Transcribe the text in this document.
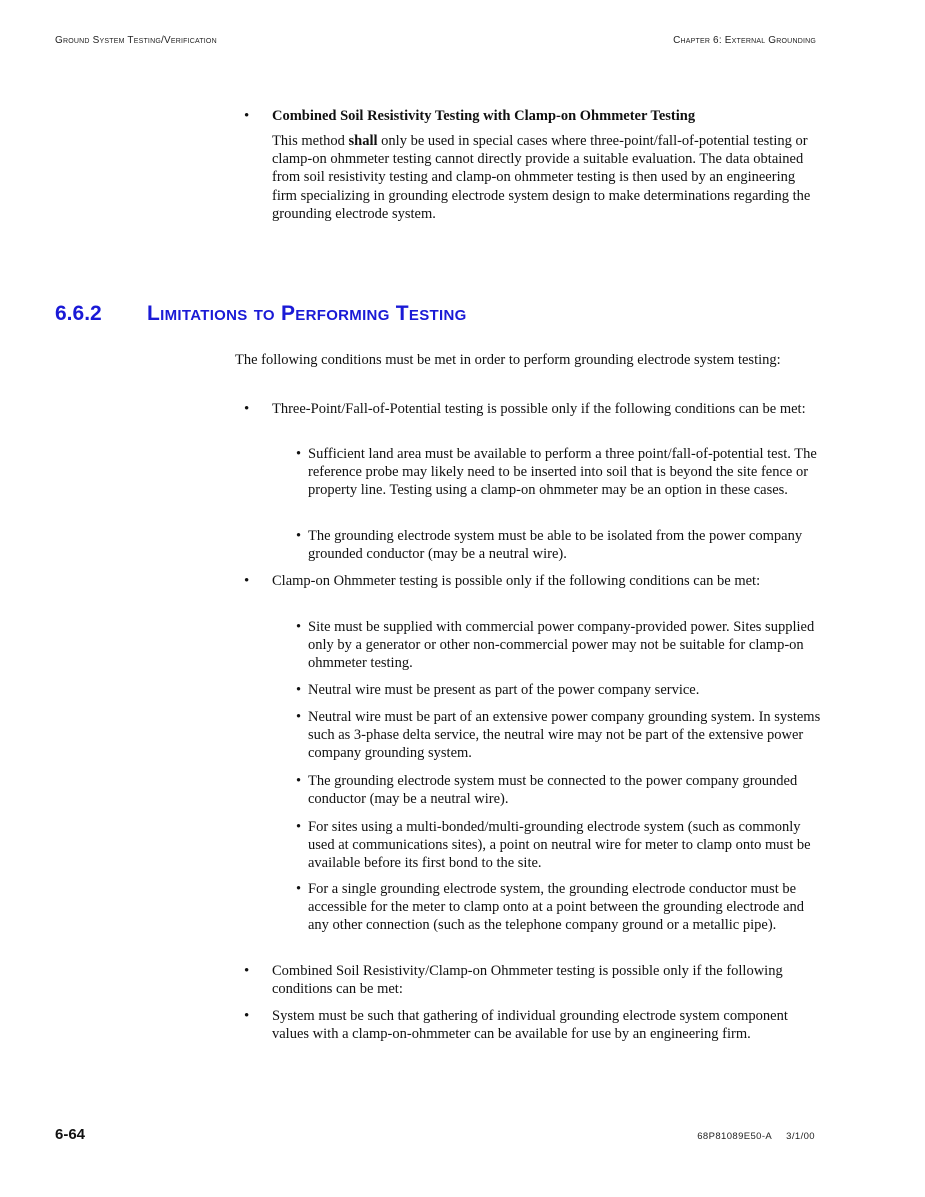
Ground System Testing/Verification	Chapter 6: External Grounding
• Combined Soil Resistivity Testing with Clamp-on Ohmmeter Testing
This method shall only be used in special cases where three-point/fall-of-potential testing or clamp-on ohmmeter testing cannot directly provide a suitable evaluation. The data obtained from soil resistivity testing and clamp-on ohmmeter testing is then used by an engineering firm specializing in grounding electrode system design to make determinations regarding the grounding electrode system.
6.6.2 Limitations to Performing Testing
The following conditions must be met in order to perform grounding electrode system testing:
• Three-Point/Fall-of-Potential testing is possible only if the following conditions can be met:
• Sufficient land area must be available to perform a three point/fall-of-potential test. The reference probe may likely need to be inserted into soil that is beyond the site fence or property line. Testing using a clamp-on ohmmeter may be an option in these cases.
• The grounding electrode system must be able to be isolated from the power company grounded conductor (may be a neutral wire).
• Clamp-on Ohmmeter testing is possible only if the following conditions can be met:
• Site must be supplied with commercial power company-provided power. Sites supplied only by a generator or other non-commercial power may not be suitable for clamp-on ohmmeter testing.
• Neutral wire must be present as part of the power company service.
• Neutral wire must be part of an extensive power company grounding system. In systems such as 3-phase delta service, the neutral wire may not be part of the extensive power company grounding system.
• The grounding electrode system must be connected to the power company grounded conductor (may be a neutral wire).
• For sites using a multi-bonded/multi-grounding electrode system (such as commonly used at communications sites), a point on neutral wire for meter to clamp onto must be available before its first bond to the site.
• For a single grounding electrode system, the grounding electrode conductor must be accessible for the meter to clamp onto at a point between the grounding electrode and any other connection (such as the telephone company ground or a metallic pipe).
• Combined Soil Resistivity/Clamp-on Ohmmeter testing is possible only if the following conditions can be met:
• System must be such that gathering of individual grounding electrode system component values with a clamp-on-ohmmeter can be available for use by an engineering firm.
6-64	68P81089E50-A 3/1/00
